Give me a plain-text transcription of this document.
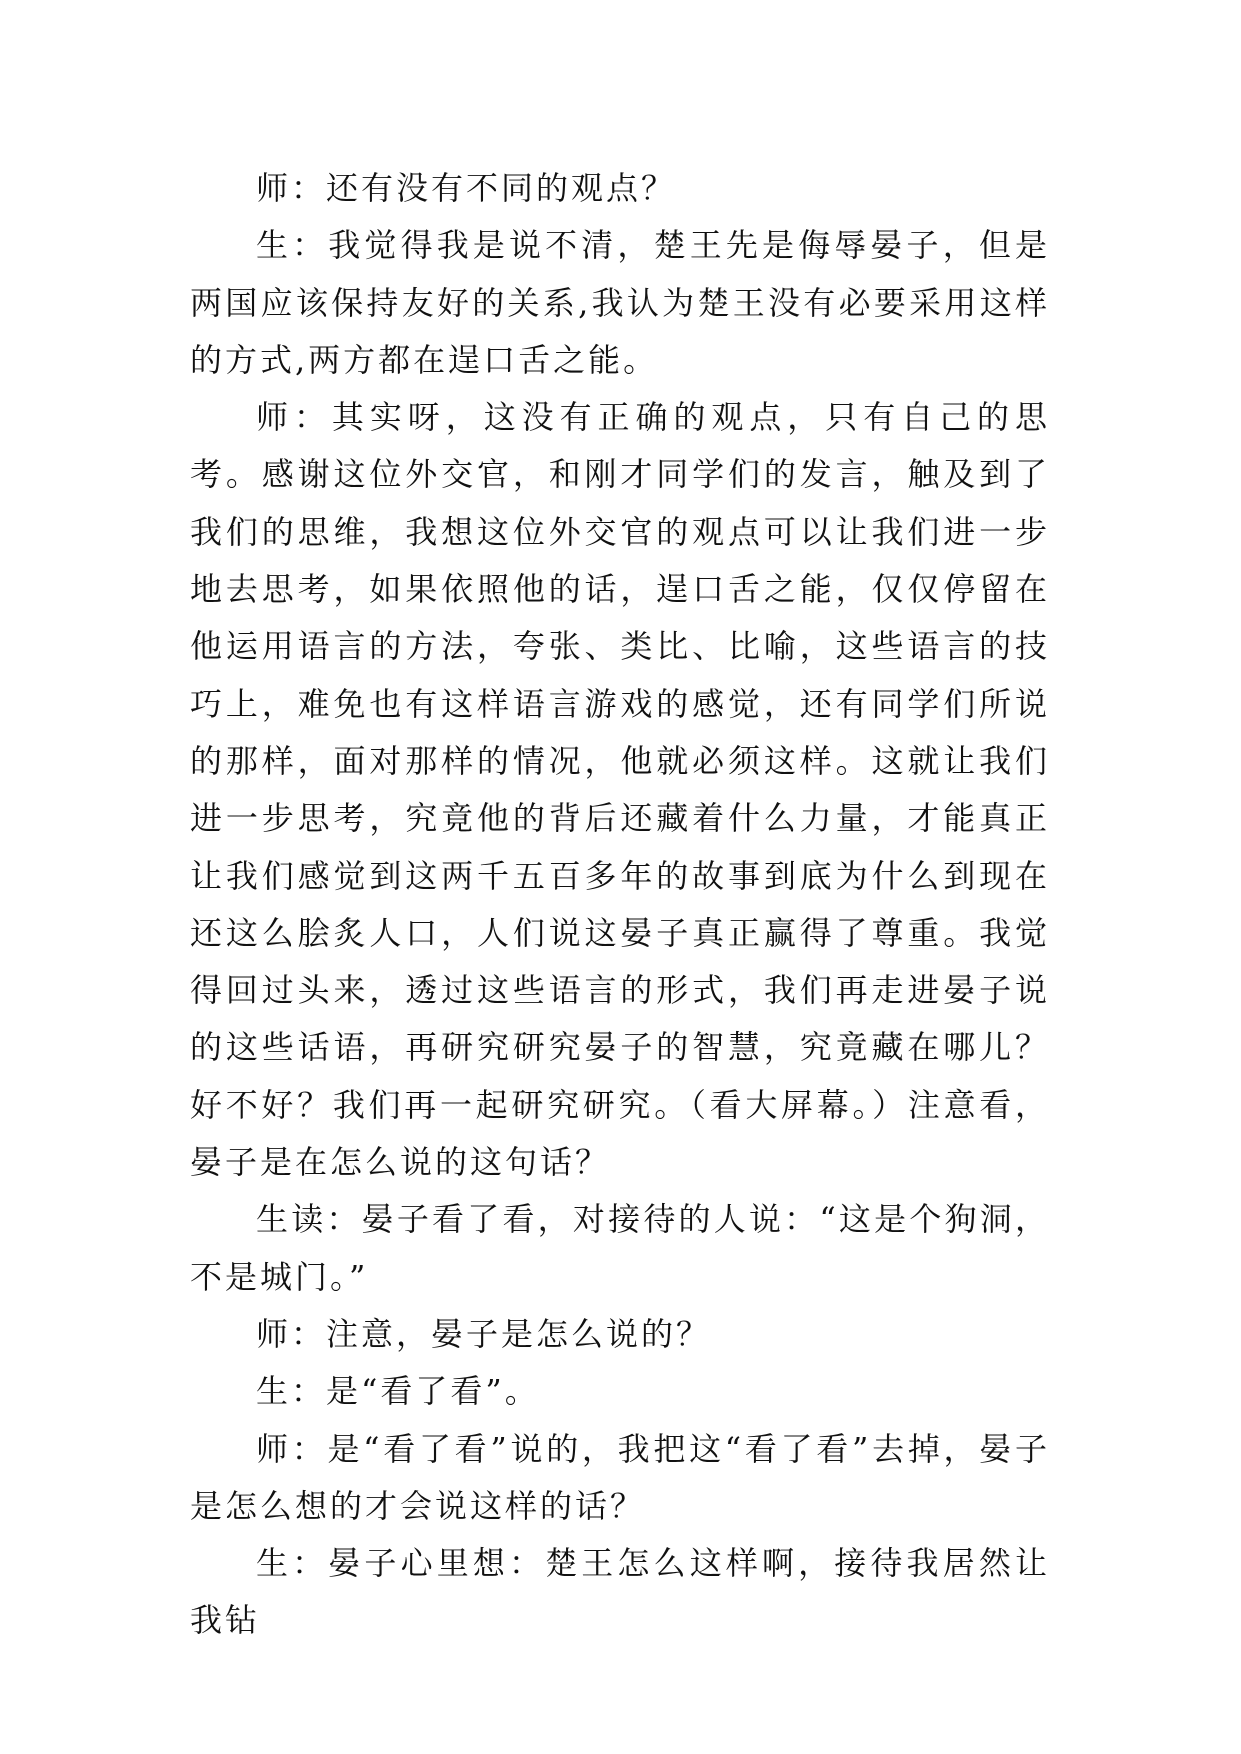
师：还有没有不同的观点？

生：我觉得我是说不清，楚王先是侮辱晏子，但是两国应该保持友好的关系,我认为楚王没有必要采用这样的方式,两方都在逞口舌之能。

师：其实呀，这没有正确的观点，只有自己的思考。感谢这位外交官，和刚才同学们的发言，触及到了我们的思维，我想这位外交官的观点可以让我们进一步地去思考，如果依照他的话，逞口舌之能，仅仅停留在他运用语言的方法，夸张、类比、比喻，这些语言的技巧上，难免也有这样语言游戏的感觉，还有同学们所说的那样，面对那样的情况，他就必须这样。这就让我们进一步思考，究竟他的背后还藏着什么力量，才能真正让我们感觉到这两千五百多年的故事到底为什么到现在还这么脍炙人口，人们说这晏子真正赢得了尊重。我觉得回过头来，透过这些语言的形式，我们再走进晏子说的这些话语，再研究研究晏子的智慧，究竟藏在哪儿？好不好？我们再一起研究研究。（看大屏幕。）注意看，晏子是在怎么说的这句话？

生读：晏子看了看，对接待的人说：“这是个狗洞，不是城门。”

师：注意，晏子是怎么说的？

生：是“看了看”。

师：是“看了看”说的，我把这“看了看”去掉，晏子是怎么想的才会说这样的话？

生：晏子心里想：楚王怎么这样啊，接待我居然让我钻
